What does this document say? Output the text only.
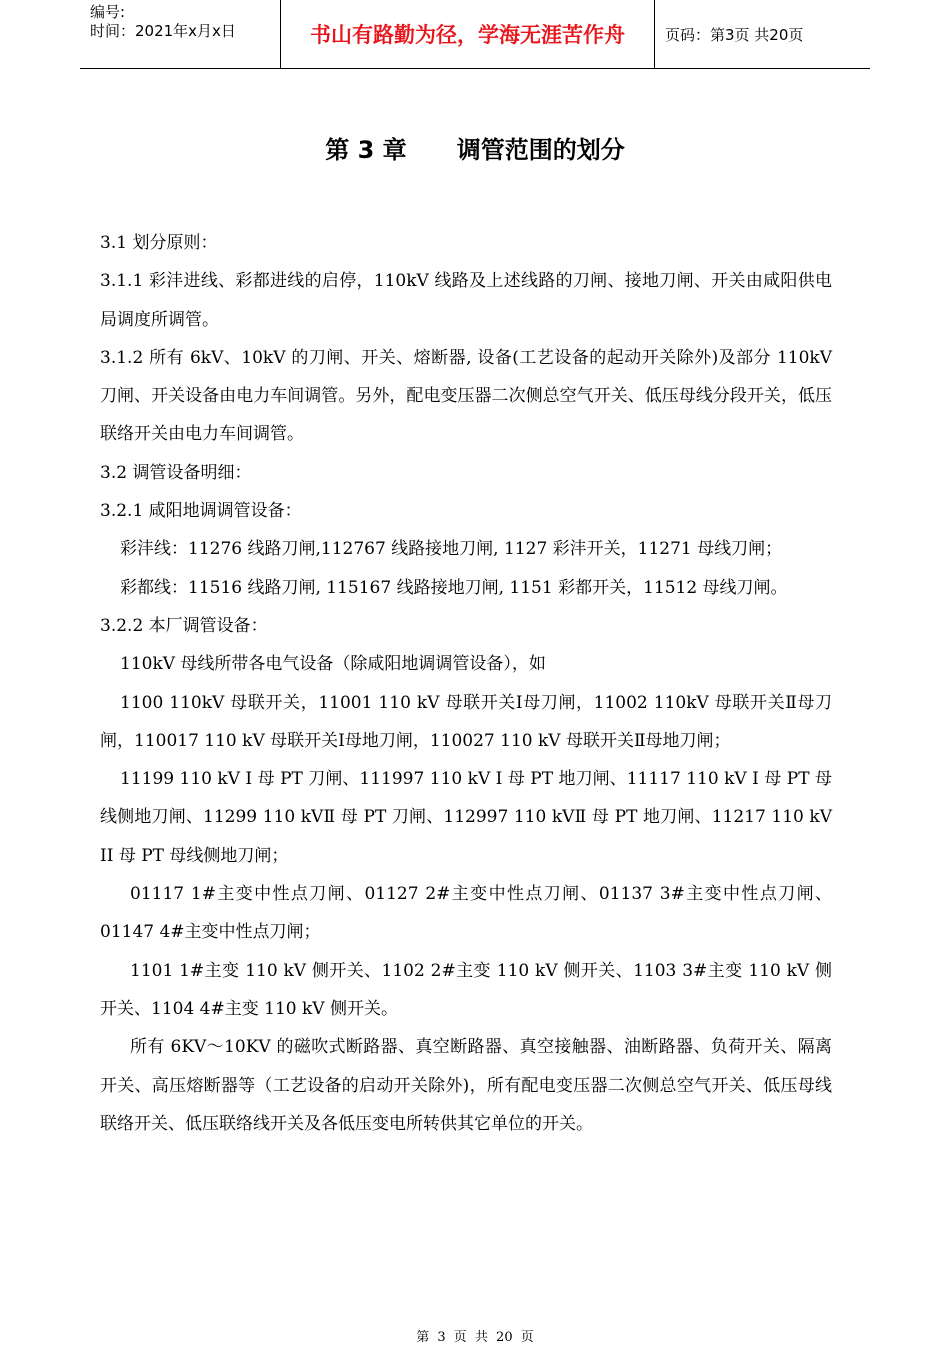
编号:
时间：2021年x月x日	书山有路勤为径，学海无涯苦作舟	页码：第3页 共20页
第 3 章      调管范围的划分

3.1 划分原则：

3.1.1 彩沣进线、彩都进线的启停，110kV 线路及上述线路的刀闸、接地刀闸、开关由咸阳供电局调度所调管。

3.1.2 所有 6kV、10kV 的刀闸、开关、熔断器, 设备(工艺设备的起动开关除外)及部分 110kV 刀闸、开关设备由电力车间调管。另外，配电变压器二次侧总空气开关、低压母线分段开关，低压联络开关由电力车间调管。

3.2 调管设备明细：

3.2.1 咸阳地调调管设备：

彩沣线：11276 线路刀闸,112767 线路接地刀闸, 1127 彩沣开关，11271 母线刀闸；

彩都线：11516 线路刀闸, 115167 线路接地刀闸, 1151 彩都开关，11512 母线刀闸。

3.2.2 本厂调管设备：

110kV 母线所带各电气设备（除咸阳地调调管设备），如

1100 110kV 母联开关，11001 110 kV 母联开关Ⅰ母刀闸，11002 110kV 母联开关Ⅱ母刀闸，110017 110 kV 母联开关Ⅰ母地刀闸，110027 110 kV 母联开关Ⅱ母地刀闸；

11199 110 kV I 母 PT 刀闸、111997 110 kV I 母 PT 地刀闸、11117 110 kV I 母 PT 母线侧地刀闸、11299 110 kVⅡ 母 PT 刀闸、112997 110 kVⅡ 母 PT 地刀闸、11217 110 kV II 母 PT 母线侧地刀闸；

01117 1#主变中性点刀闸、01127 2#主变中性点刀闸、01137 3#主变中性点刀闸、01147 4#主变中性点刀闸；

1101 1#主变 110 kV 侧开关、1102 2#主变 110 kV 侧开关、1103 3#主变 110 kV 侧开关、1104 4#主变 110 kV 侧开关。

所有 6KV～10KV 的磁吹式断路器、真空断路器、真空接触器、油断路器、负荷开关、隔离开关、高压熔断器等（工艺设备的启动开关除外)，所有配电变压器二次侧总空气开关、低压母线联络开关、低压联络线开关及各低压变电所转供其它单位的开关。

第 3 页 共 20 页
